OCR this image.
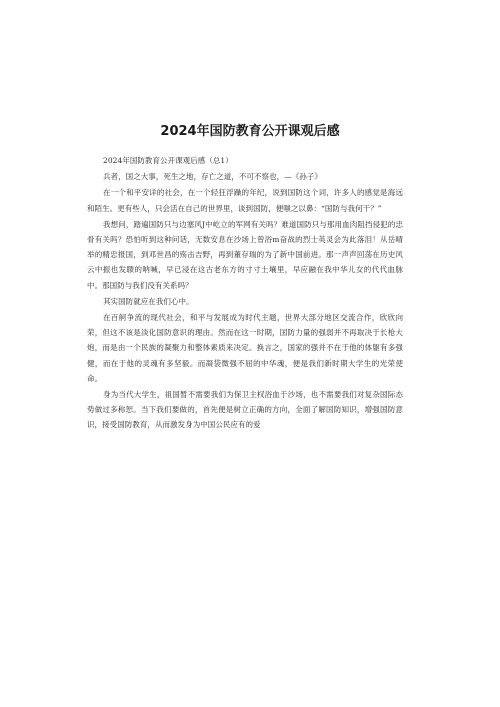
2024年国防教育公开课观后感

2024年国防教育公开课观后感（总1）

兵者，国之大事，死生之地，存亡之道，不可不察也，—《孙子》

在一个和平安详的社会，在一个轻狂浮躁的年纪，说到国防这个词，许多人的感觉是海远和陌生。更有些人，只会活在自己的世界里，谈到国防，便嗤之以鼻：“国防与我何干？”

我想问，踏遍国防只与边塞风J中屹立的军网有关吗？难道国防只与那用血肉阻挡侵犯的忠骨有关吗？恐怕听到这种问话，无数安息在沙场上曾浴m奋战的烈士英灵会为此落泪！从岳晴举的精忠报国，到邓世昌的殇击吉野，再到董存瑞的为了新中国前进。那一声声回荡在历史风云中振也发聩的呐喊，早已浸在这古老东方的寸寸土壤里，早应融在我中华儿女的代代血脉中。那国防与我们没有关系吗？

其实国防就应在我们心中。

在百舸争流的现代社会，和平与发展成为时代主题，世界大部分地区交流合作，欣欣向荣，但这不该是淡化国防意识的理由。然而在这一时期，国防力量的强弱并不再取决于长枪大炮，而是由一个民族的凝聚力和整体素质来决定。换言之，国家的强并不在于他的体躯有多强健，而在于他的灵魂有多坚毅。而凝袋微强不屈的中华魂，便是我们新时期大学生的光荣使命。

身为当代大学生，祖国暂不需要我们为保卫主权浴血于沙场，也不需要我们对复杂国际态势做过多称恕。当下我们要做的，首先便是树立正确的方向，全面了解国防知识，增强国防意识，接受国防教育，从而激发身为中国公民应有的爱
